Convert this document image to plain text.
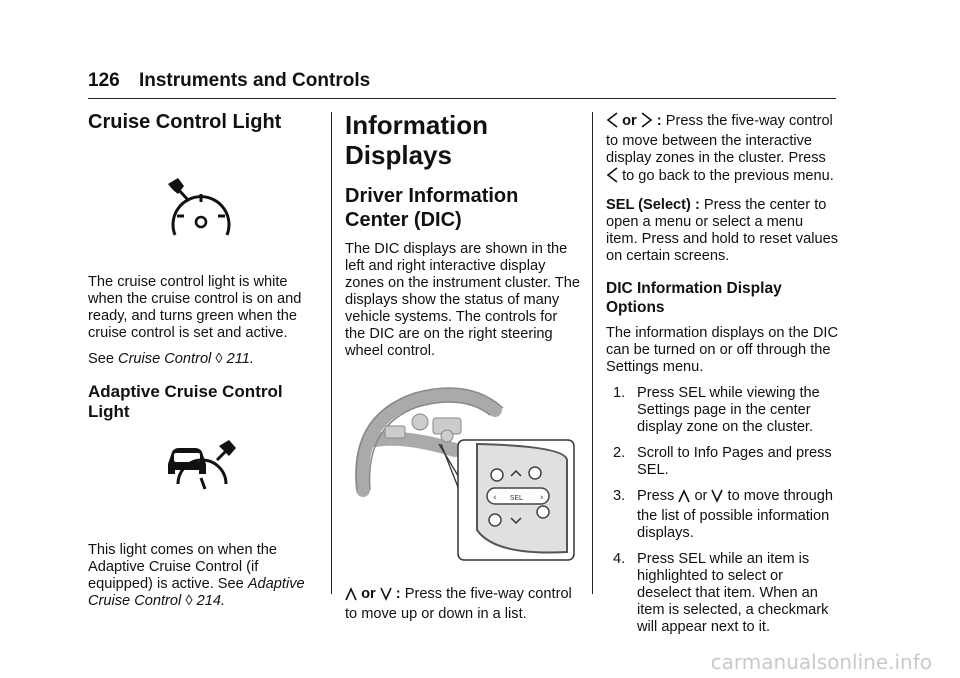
126 Instruments and Controls
Cruise Control Light

The cruise control light is white when the cruise control is on and ready, and turns green when the cruise control is set and active.

See Cruise Control ◊ 211.

Adaptive Cruise Control Light

This light comes on when the Adaptive Cruise Control (if equipped) is active. See Adaptive Cruise Control ◊ 214.

Information Displays
Driver Information Center (DIC)

The DIC displays are shown in the left and right interactive display zones on the instrument cluster. The displays show the status of many vehicle systems. The controls for the DIC are on the right steering wheel control.

‹ SEL ›

or : Press the five-way control to move up or down in a list.

or : Press the five-way control to move between the interactive display zones in the cluster. Press  to go back to the previous menu.

SEL (Select) : Press the center to open a menu or select a menu item. Press and hold to reset values on certain screens.

DIC Information Display Options

The information displays on the DIC can be turned on or off through the Settings menu.

1. Press SEL while viewing the Settings page in the center display zone on the cluster.
2. Scroll to Info Pages and press SEL.
3. Press or to move through the list of possible information displays.
4. Press SEL while an item is highlighted to select or deselect that item. When an item is selected, a checkmark will appear next to it.
carmanualsonline.info
